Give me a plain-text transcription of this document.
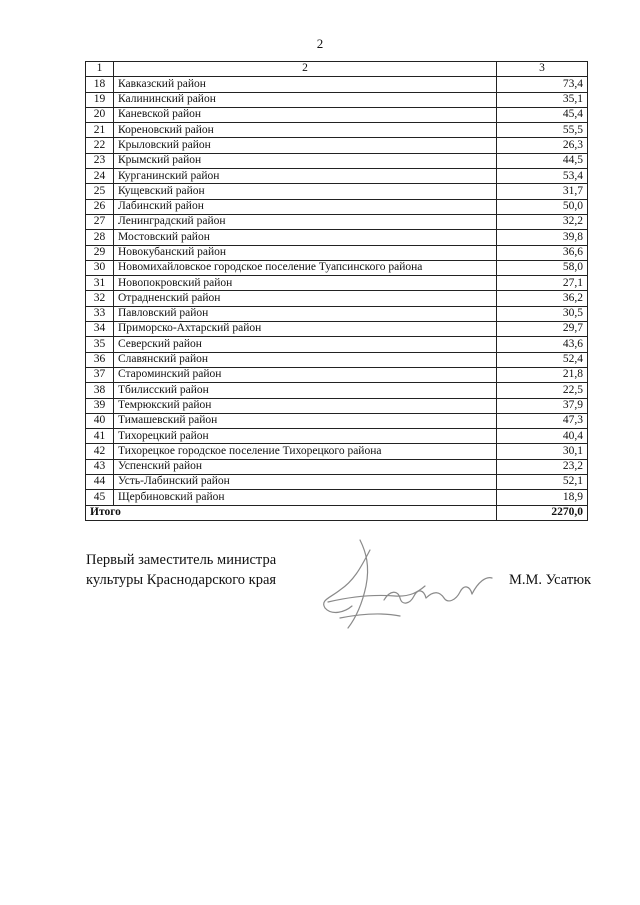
2
1	2	3
18	Кавказский район	73,4
19	Калининский район	35,1
20	Каневской район	45,4
21	Кореновский район	55,5
22	Крыловский район	26,3
23	Крымский район	44,5
24	Курганинский район	53,4
25	Кущевский район	31,7
26	Лабинский район	50,0
27	Ленинградский район	32,2
28	Мостовский район	39,8
29	Новокубанский район	36,6
30	Новомихайловское городское поселение Туапсинского района	58,0
31	Новопокровский район	27,1
32	Отрадненский район	36,2
33	Павловский район	30,5
34	Приморско-Ахтарский район	29,7
35	Северский район	43,6
36	Славянский район	52,4
37	Староминский район	21,8
38	Тбилисский район	22,5
39	Темрюкский район	37,9
40	Тимашевский район	47,3
41	Тихорецкий район	40,4
42	Тихорецкое городское поселение Тихорецкого района	30,1
43	Успенский район	23,2
44	Усть-Лабинский район	52,1
45	Щербиновский район	18,9
Итого		2270,0
Первый заместитель министра
культуры Краснодарского края	М.М. Усатюк
